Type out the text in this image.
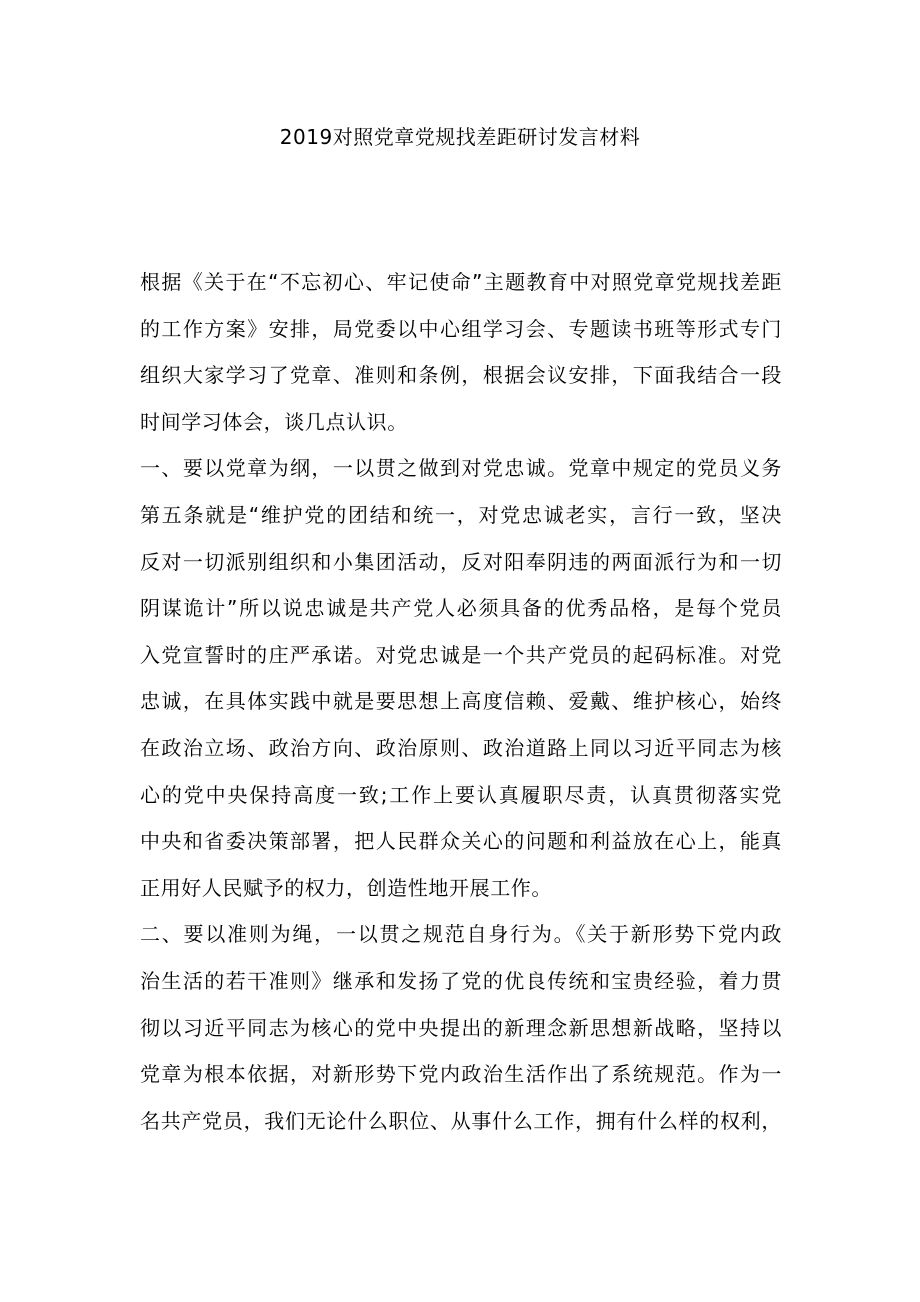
2019对照党章党规找差距研讨发言材料

根据《关于在“不忘初心、牢记使命”主题教育中对照党章党规找差距
的工作方案》安排，局党委以中心组学习会、专题读书班等形式专门
组织大家学习了党章、准则和条例，根据会议安排，下面我结合一段
时间学习体会，谈几点认识。

一、要以党章为纲，一以贯之做到对党忠诚。党章中规定的党员义务
第五条就是“维护党的团结和统一，对党忠诚老实，言行一致，坚决
反对一切派别组织和小集团活动，反对阳奉阴违的两面派行为和一切
阴谋诡计”所以说忠诚是共产党人必须具备的优秀品格，是每个党员
入党宣誓时的庄严承诺。对党忠诚是一个共产党员的起码标准。对党
忠诚，在具体实践中就是要思想上高度信赖、爱戴、维护核心，始终
在政治立场、政治方向、政治原则、政治道路上同以习近平同志为核
心的党中央保持高度一致;工作上要认真履职尽责，认真贯彻落实党
中央和省委决策部署，把人民群众关心的问题和利益放在心上，能真
正用好人民赋予的权力，创造性地开展工作。

二、要以准则为绳，一以贯之规范自身行为。《关于新形势下党内政
治生活的若干准则》继承和发扬了党的优良传统和宝贵经验，着力贯
彻以习近平同志为核心的党中央提出的新理念新思想新战略，坚持以
党章为根本依据，对新形势下党内政治生活作出了系统规范。作为一
名共产党员，我们无论什么职位、从事什么工作，拥有什么样的权利，
